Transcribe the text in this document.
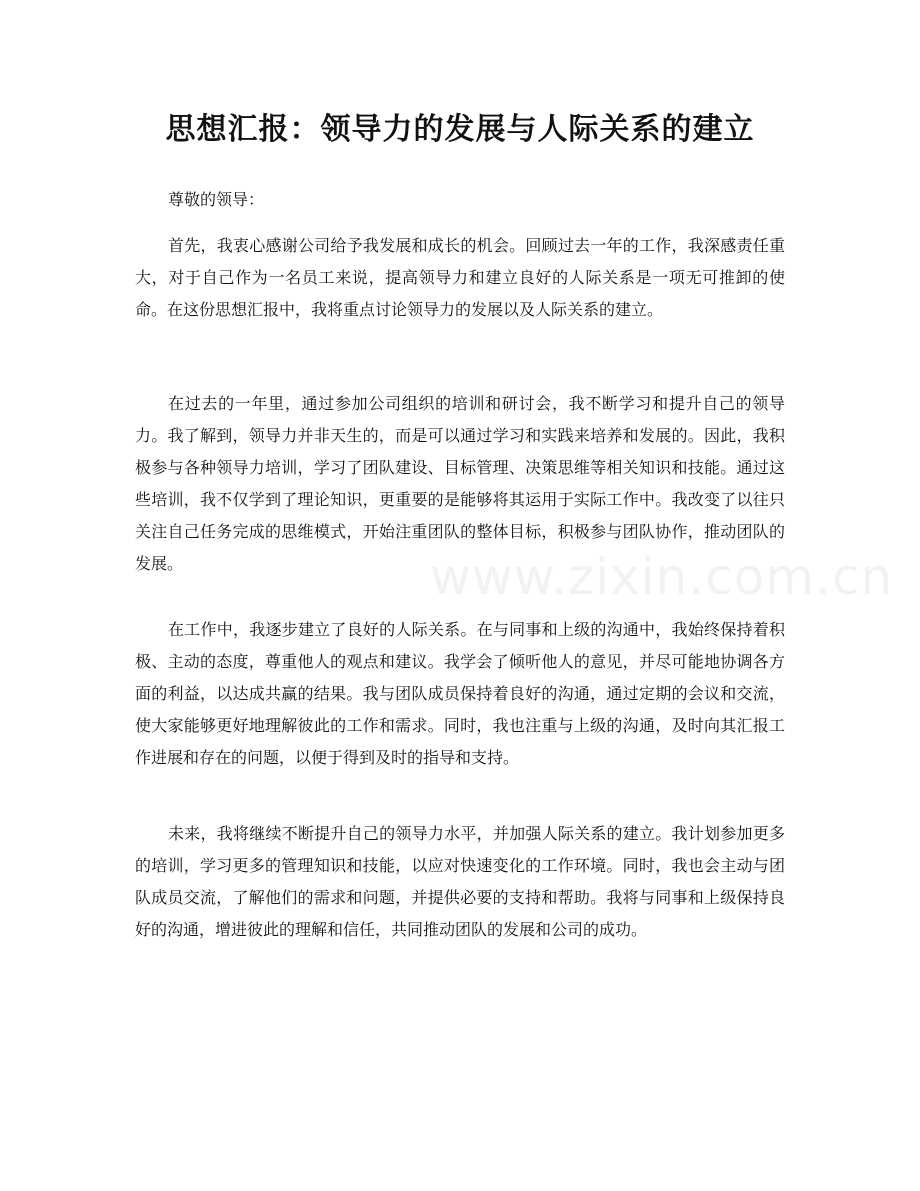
思想汇报：领导力的发展与人际关系的建立
尊敬的领导：

首先，我衷心感谢公司给予我发展和成长的机会。回顾过去一年的工作，我深感责任重大，对于自己作为一名员工来说，提高领导力和建立良好的人际关系是一项无可推卸的使命。在这份思想汇报中，我将重点讨论领导力的发展以及人际关系的建立。

在过去的一年里，通过参加公司组织的培训和研讨会，我不断学习和提升自己的领导力。我了解到，领导力并非天生的，而是可以通过学习和实践来培养和发展的。因此，我积极参与各种领导力培训，学习了团队建设、目标管理、决策思维等相关知识和技能。通过这些培训，我不仅学到了理论知识，更重要的是能够将其运用于实际工作中。我改变了以往只关注自己任务完成的思维模式，开始注重团队的整体目标，积极参与团队协作，推动团队的发展。

在工作中，我逐步建立了良好的人际关系。在与同事和上级的沟通中，我始终保持着积极、主动的态度，尊重他人的观点和建议。我学会了倾听他人的意见，并尽可能地协调各方面的利益，以达成共赢的结果。我与团队成员保持着良好的沟通，通过定期的会议和交流，使大家能够更好地理解彼此的工作和需求。同时，我也注重与上级的沟通，及时向其汇报工作进展和存在的问题，以便于得到及时的指导和支持。

未来，我将继续不断提升自己的领导力水平，并加强人际关系的建立。我计划参加更多的培训，学习更多的管理知识和技能，以应对快速变化的工作环境。同时，我也会主动与团队成员交流，了解他们的需求和问题，并提供必要的支持和帮助。我将与同事和上级保持良好的沟通，增进彼此的理解和信任，共同推动团队的发展和公司的成功。

www.zixin.com.cn
